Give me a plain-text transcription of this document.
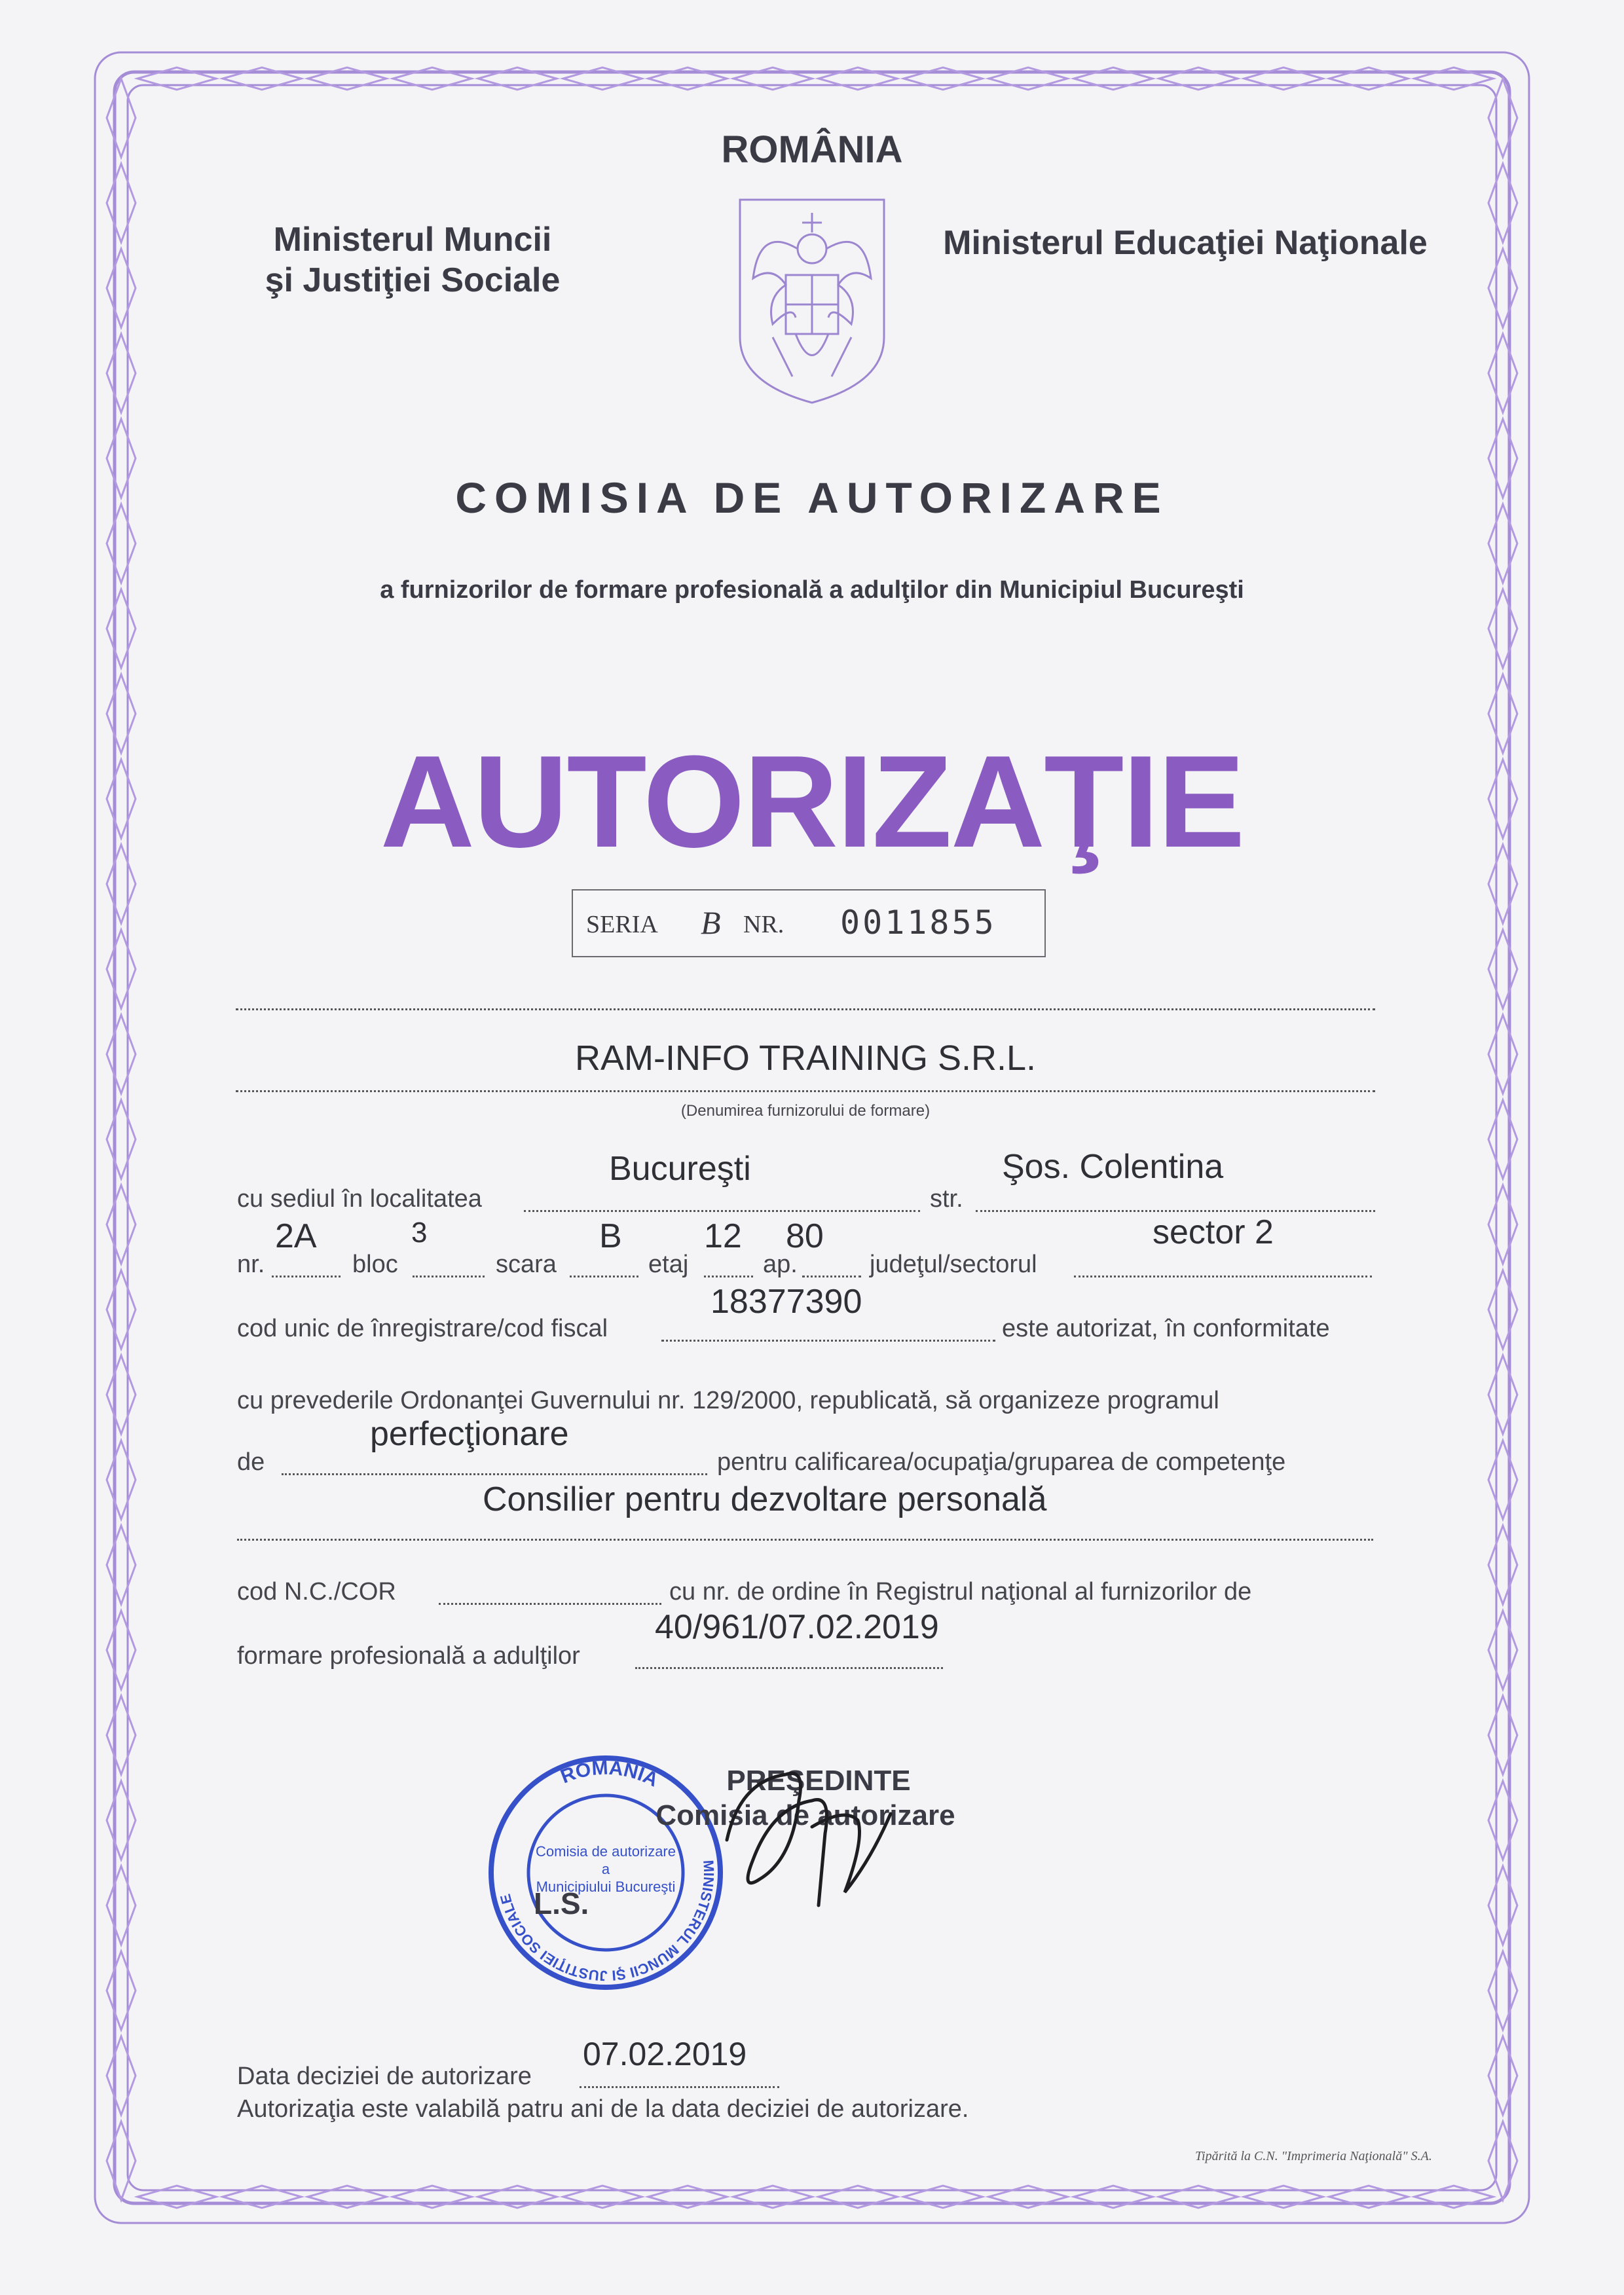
ROMÂNIA
Ministerul Muncii
şi Justiţiei Sociale
Ministerul Educaţiei Naţionale
COMISIA DE AUTORIZARE
a furnizorilor de formare profesională a adulţilor din Municipiul Bucureşti
AUTORIZAŢIE
SERIA B NR. 0011855
RAM-INFO TRAINING S.R.L.
(Denumirea furnizorului de formare)
cu sediul în localitatea
Bucureşti
str.
Şos. Colentina
nr.
2A
bloc
3
scara
B
etaj
12
ap.
80
judeţul/sectorul
sector 2
cod unic de înregistrare/cod fiscal
18377390
este autorizat, în conformitate
cu prevederile Ordonanţei Guvernului nr. 129/2000, republicată, să organizeze programul
de
perfecţionare
pentru calificarea/ocupaţia/gruparea de competenţe
Consilier pentru dezvoltare personală
cod N.C./COR	cu nr. de ordine în Registrul naţional al furnizorilor de
formare profesională a adulţilor
40/961/07.02.2019
ROMÂNIA
MINISTERUL MUNCII ŞI JUSTIŢIEI SOCIALE
Comisia de autorizare
a
Municipiului Bucureşti
L.S.
PREŞEDINTE
Comisia de autorizare
Data deciziei de autorizare
07.02.2019
Autorizaţia este valabilă patru ani de la data deciziei de autorizare.
Tipărită la C.N. "Imprimeria Naţională" S.A.
